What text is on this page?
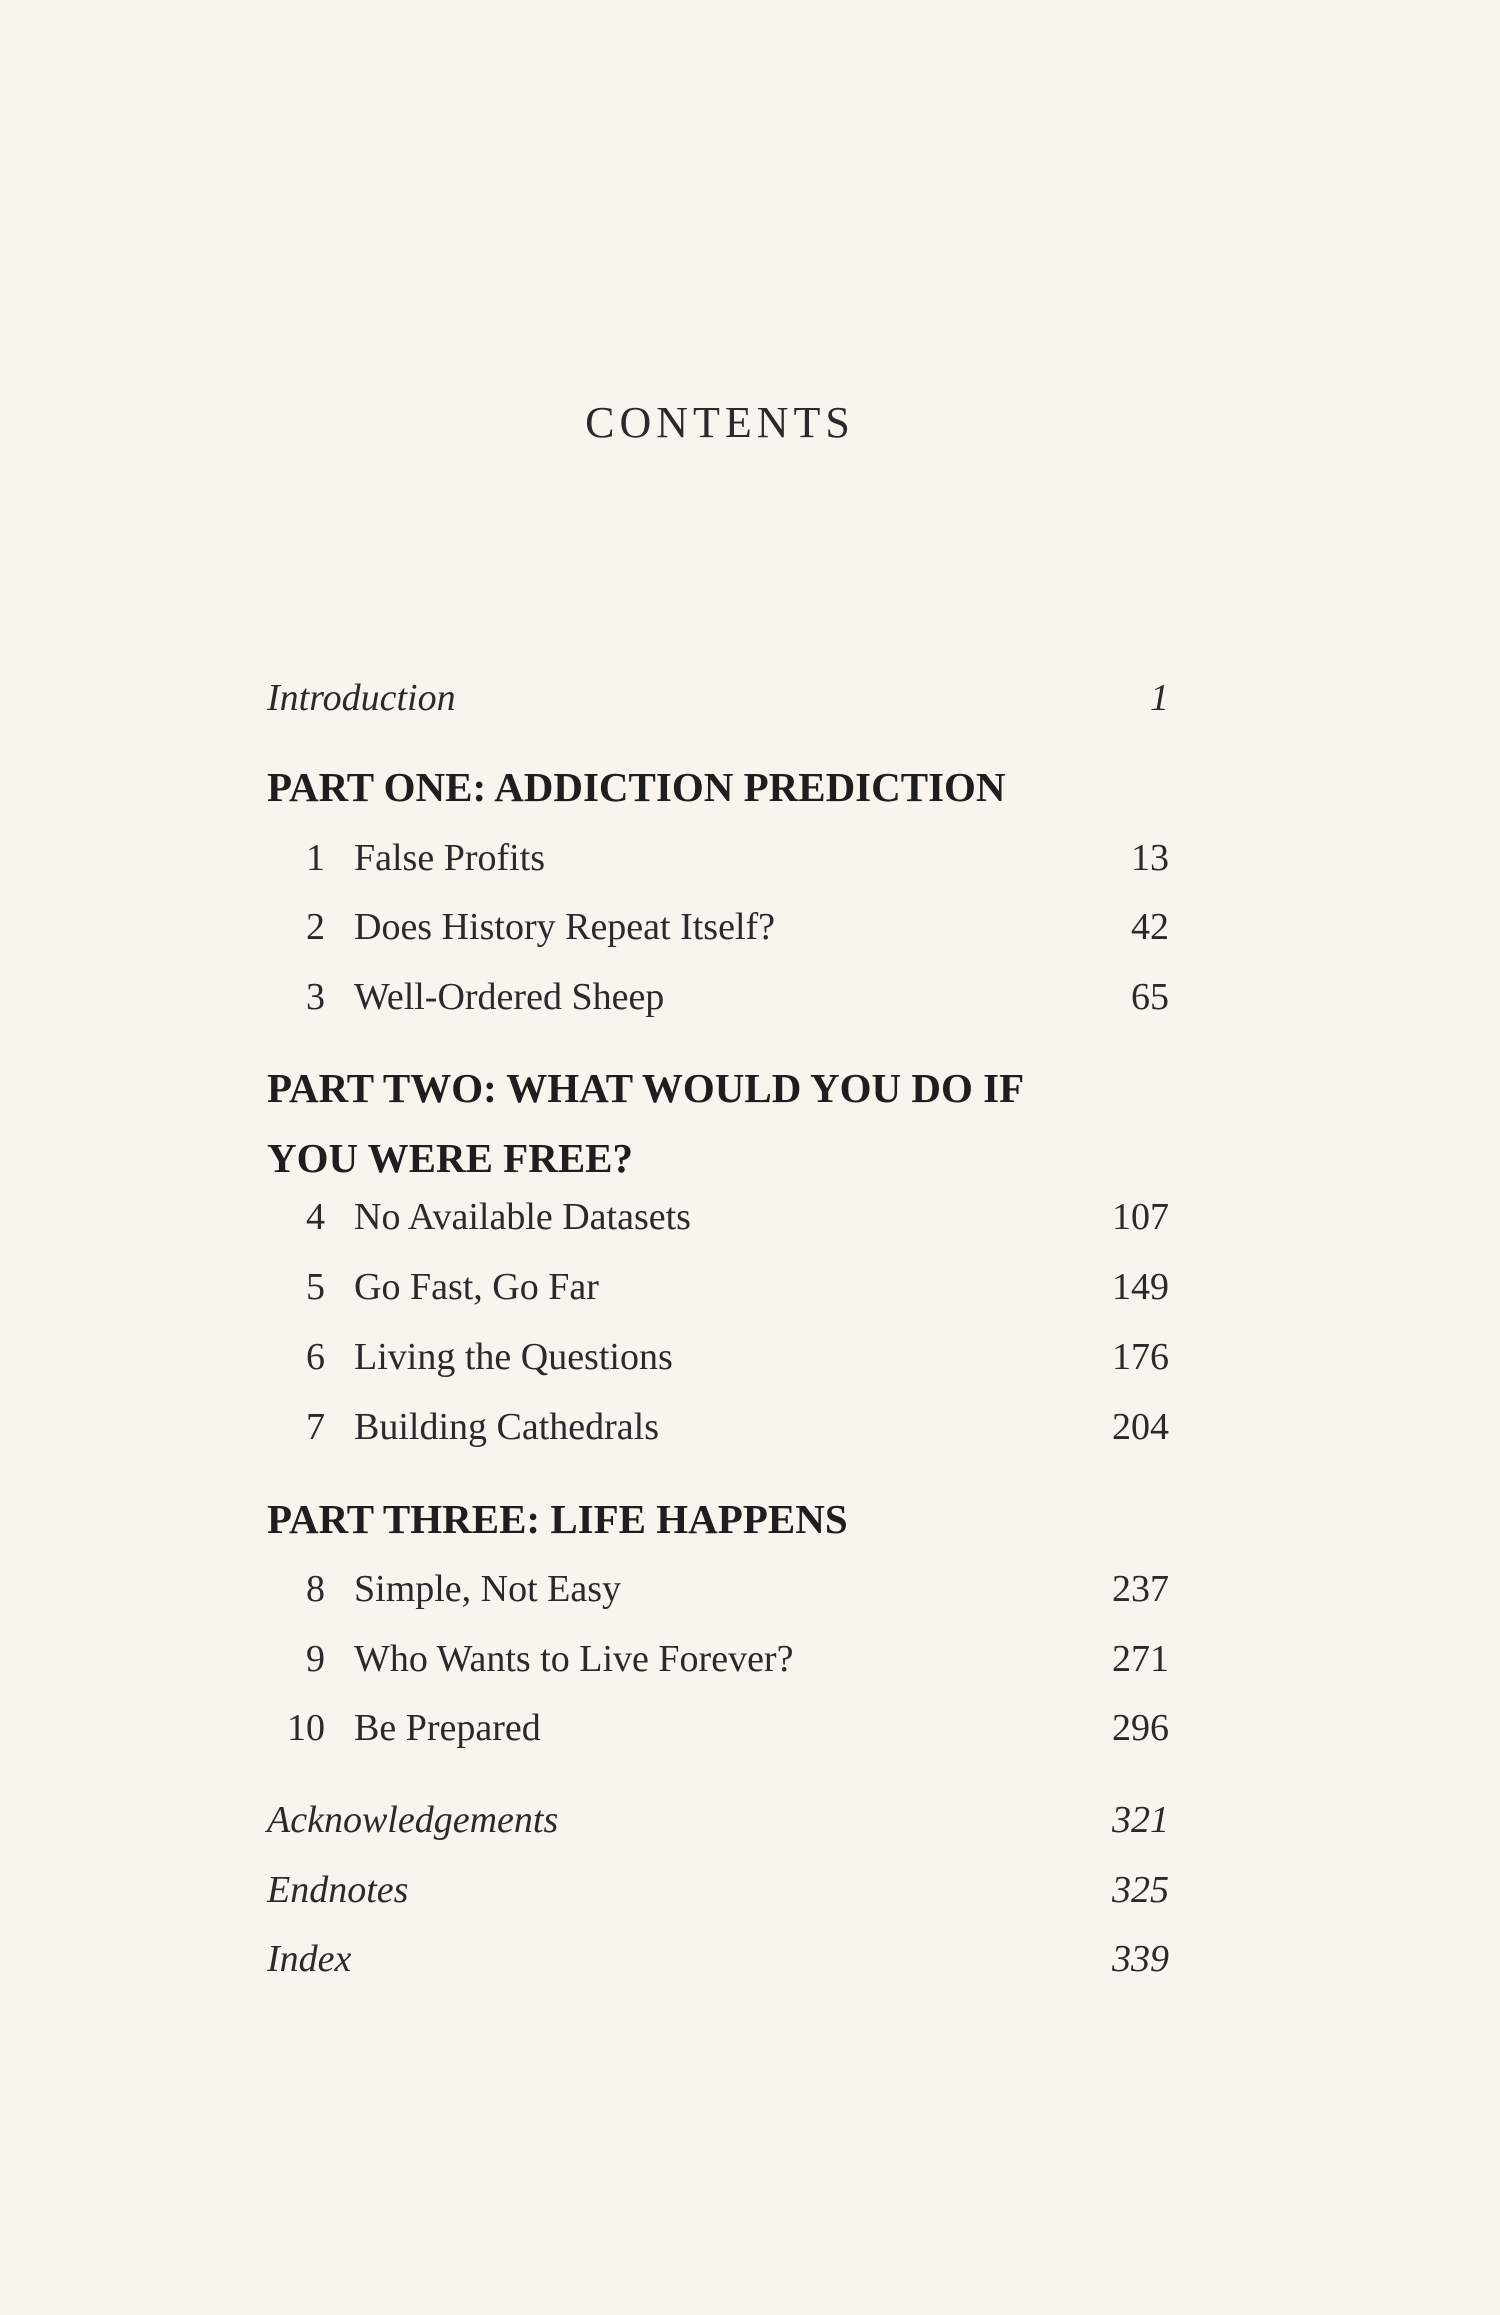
CONTENTS
Introduction	1
PART ONE: ADDICTION PREDICTION
1 False Profits	13
2 Does History Repeat Itself?	42
3 Well-Ordered Sheep	65
PART TWO: WHAT WOULD YOU DO IF
YOU WERE FREE?
4 No Available Datasets	107
5 Go Fast, Go Far	149
6 Living the Questions	176
7 Building Cathedrals	204
PART THREE: LIFE HAPPENS
8 Simple, Not Easy	237
9 Who Wants to Live Forever?	271
10 Be Prepared	296
Acknowledgements	321
Endnotes	325
Index	339
